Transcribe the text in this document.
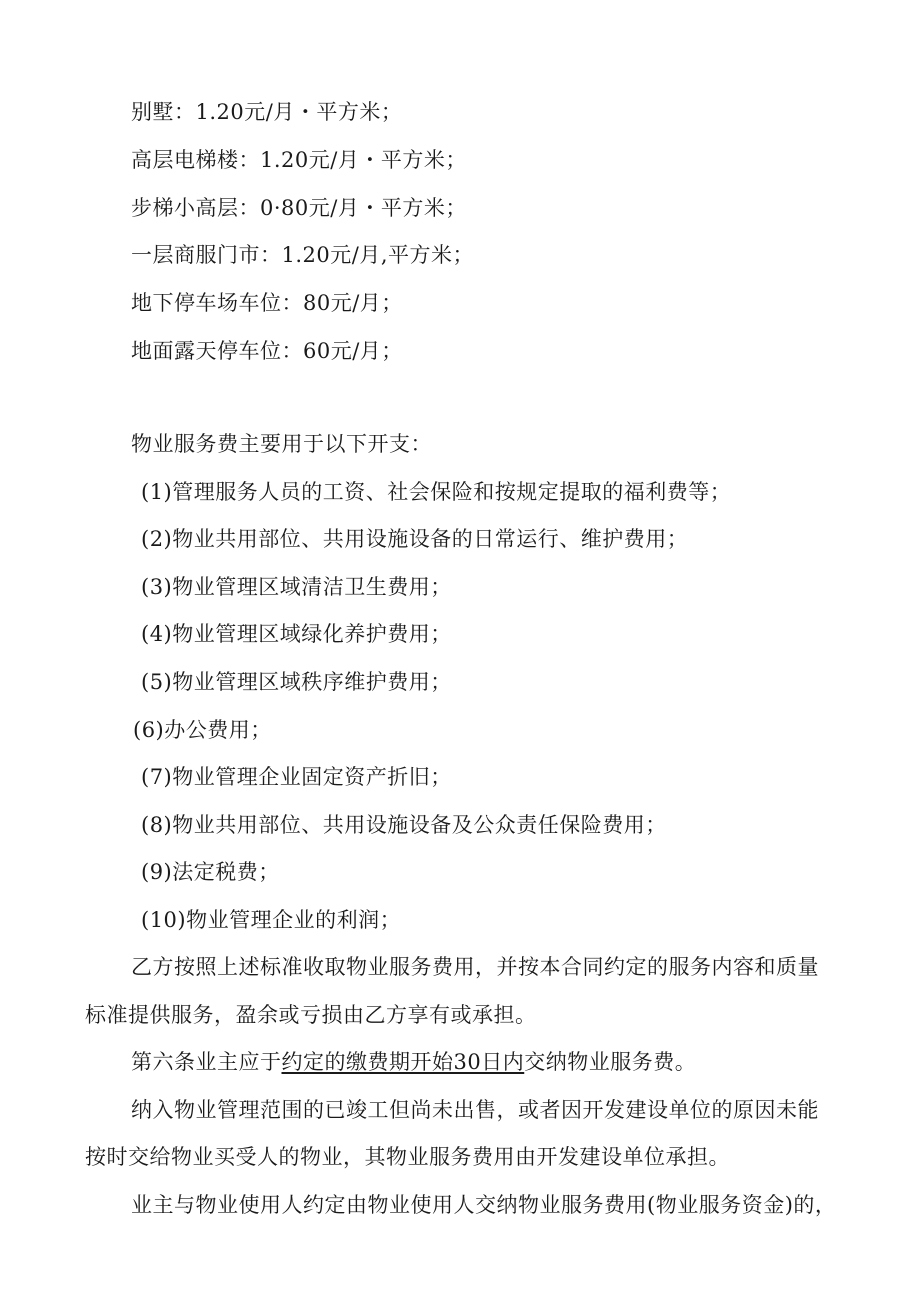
别墅：1.20元/月・平方米；
高层电梯楼：1.20元/月・平方米；
步梯小高层：0·80元/月・平方米；
一层商服门市：1.20元/月,平方米；
地下停车场车位：80元/月；
地面露天停车位：60元/月；
物业服务费主要用于以下开支：
(1)管理服务人员的工资、社会保险和按规定提取的福利费等；
(2)物业共用部位、共用设施设备的日常运行、维护费用；
(3)物业管理区域清洁卫生费用；
(4)物业管理区域绿化养护费用；
(5)物业管理区域秩序维护费用；
(6)办公费用；
(7)物业管理企业固定资产折旧；
(8)物业共用部位、共用设施设备及公众责任保险费用；
(9)法定税费；
(10)物业管理企业的利润；
乙方按照上述标准收取物业服务费用，并按本合同约定的服务内容和质量
标准提供服务，盈余或亏损由乙方享有或承担。
第六条业主应于约定的缴费期开始30日内交纳物业服务费。
纳入物业管理范围的已竣工但尚未出售，或者因开发建设单位的原因未能
按时交给物业买受人的物业，其物业服务费用由开发建设单位承担。
业主与物业使用人约定由物业使用人交纳物业服务费用(物业服务资金)的，
